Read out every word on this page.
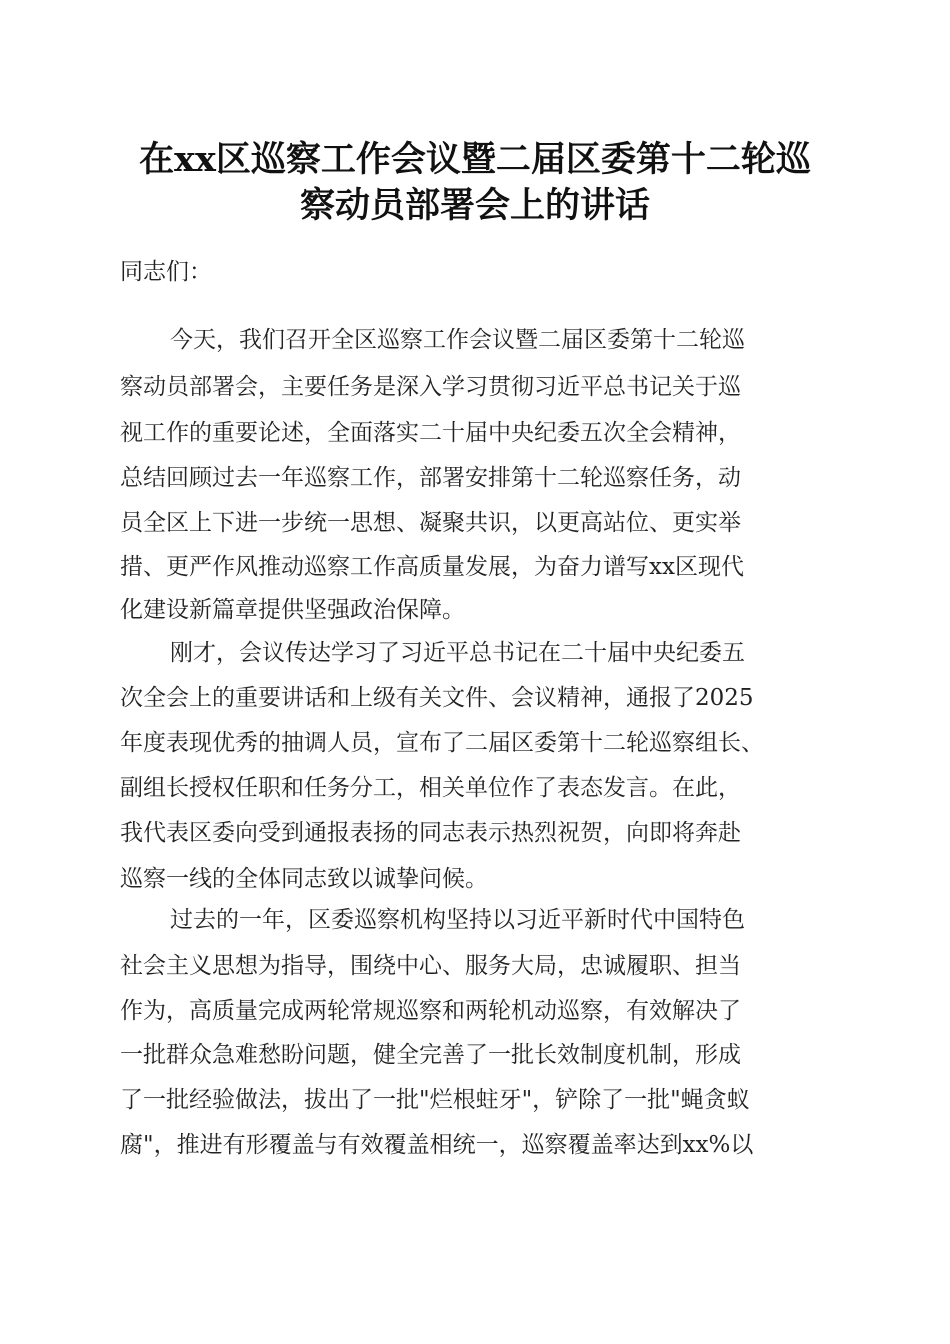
在xx区巡察工作会议暨二届区委第十二轮巡
察动员部署会上的讲话

同志们：

今天，我们召开全区巡察工作会议暨二届区委第十二轮巡

察动员部署会，主要任务是深入学习贯彻习近平总书记关于巡

视工作的重要论述，全面落实二十届中央纪委五次全会精神，

总结回顾过去一年巡察工作，部署安排第十二轮巡察任务，动

员全区上下进一步统一思想、凝聚共识，以更高站位、更实举

措、更严作风推动巡察工作高质量发展，为奋力谱写xx区现代

化建设新篇章提供坚强政治保障。

刚才，会议传达学习了习近平总书记在二十届中央纪委五

次全会上的重要讲话和上级有关文件、会议精神，通报了2025

年度表现优秀的抽调人员，宣布了二届区委第十二轮巡察组长、

副组长授权任职和任务分工，相关单位作了表态发言。在此，

我代表区委向受到通报表扬的同志表示热烈祝贺，向即将奔赴

巡察一线的全体同志致以诚挚问候。

过去的一年，区委巡察机构坚持以习近平新时代中国特色

社会主义思想为指导，围绕中心、服务大局，忠诚履职、担当

作为，高质量完成两轮常规巡察和两轮机动巡察，有效解决了

一批群众急难愁盼问题，健全完善了一批长效制度机制，形成

了一批经验做法，拔出了一批"烂根蛀牙"，铲除了一批"蝇贪蚁

腐"，推进有形覆盖与有效覆盖相统一，巡察覆盖率达到xx%以
